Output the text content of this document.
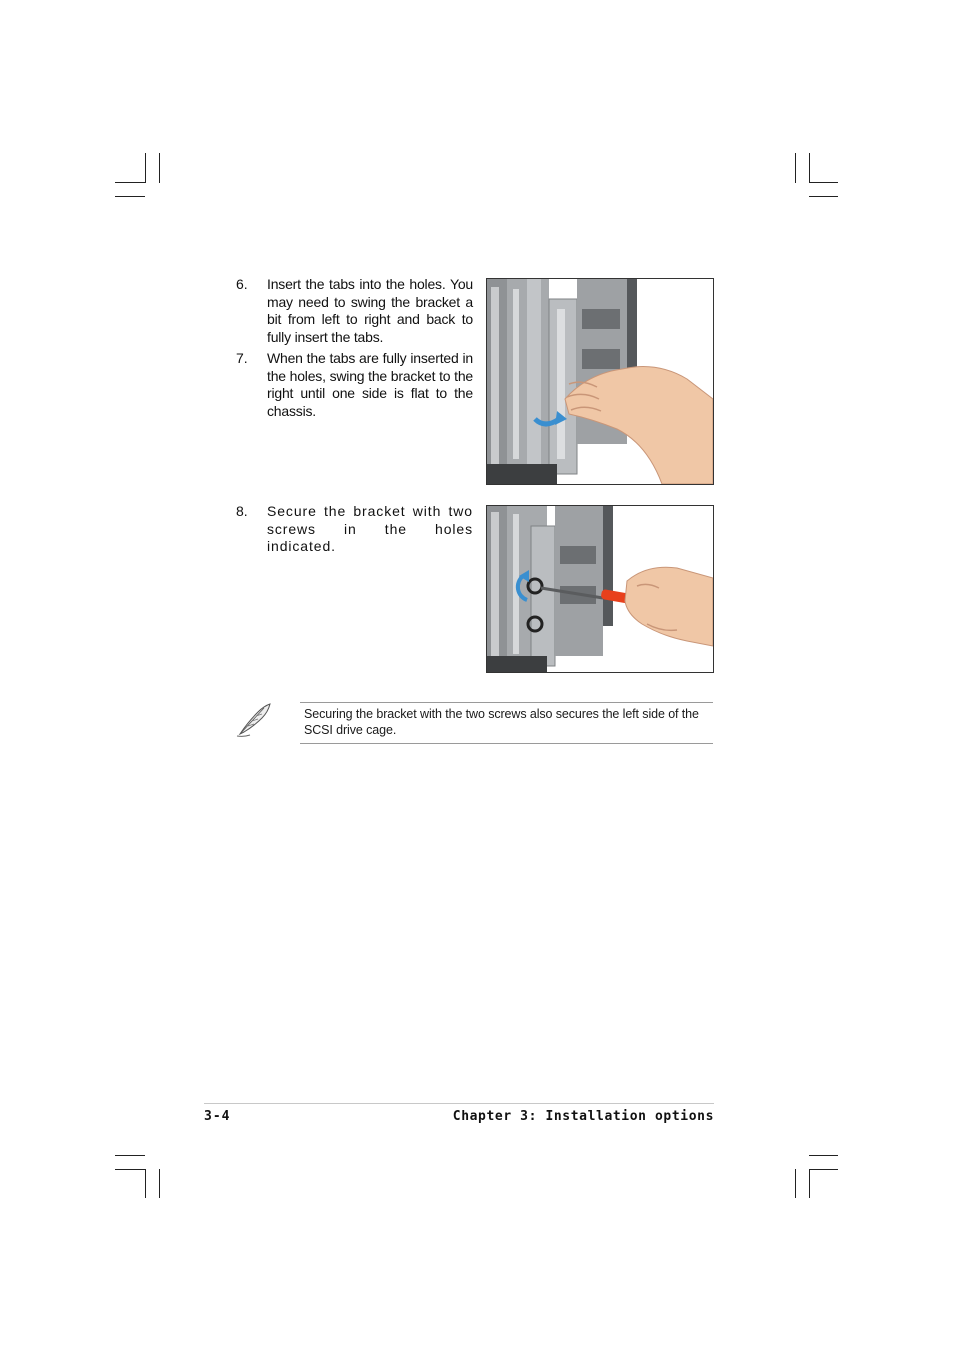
6. Insert the tabs into the holes. You may need to swing the bracket a bit from left to right and back to fully insert the tabs.
7. When the tabs are fully inserted in the holes, swing the bracket to the right until one side is flat to the chassis.
8. Secure the bracket with two screws in the holes indicated.
Securing the bracket with the two screws also secures the left side of the SCSI drive cage.
3-4	Chapter 3: Installation options
